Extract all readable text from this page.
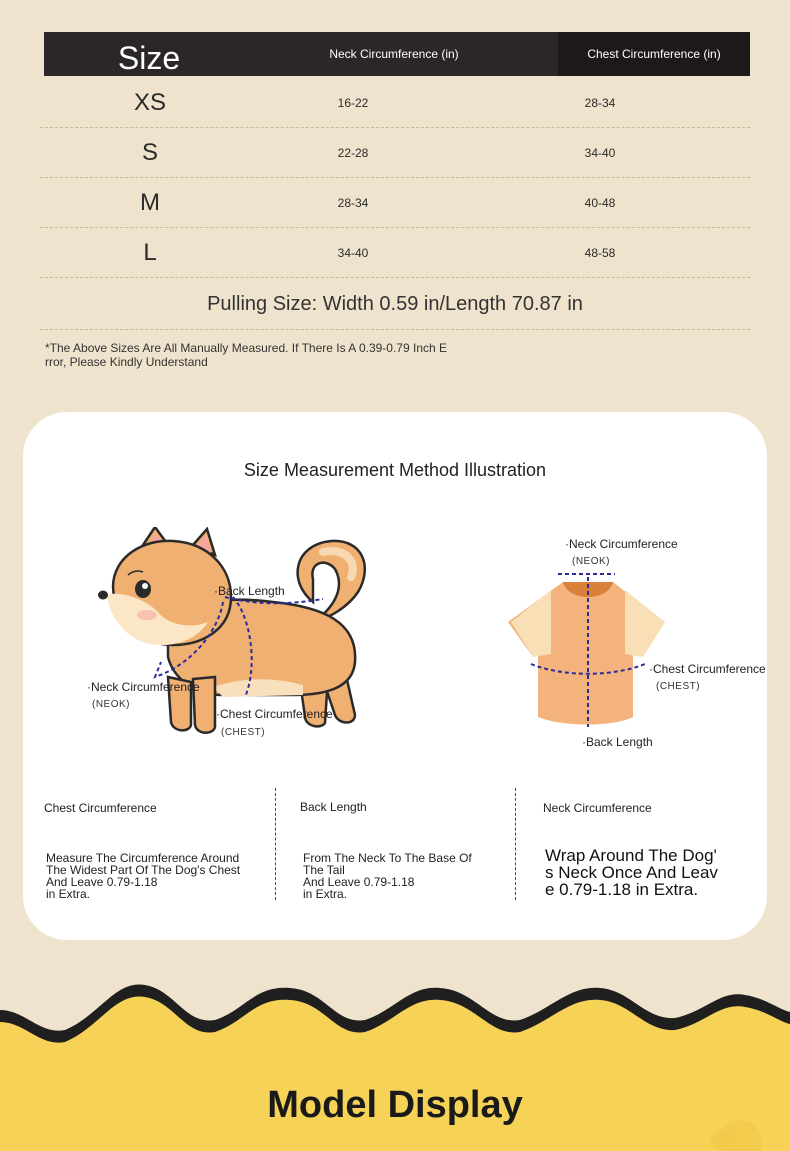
Size	Neck Circumference (in)	Chest Circumference (in)
XS	16-22	28-34
S	22-28	34-40
M	28-34	40-48
L	34-40	48-58
Pulling Size: Width 0.59 in/Length 70.87 in
*The Above Sizes Are All Manually Measured. If There Is A 0.39-0.79 Inch E
rror, Please Kindly Understand
Size Measurement Method Illustration
·Back Length
·Neck Circumference
(NEOK)
·Chest Circumference
(CHEST)
·Neck Circumference
(NEOK)
·Chest Circumference
(CHEST)
·Back Length
Chest Circumference
Measure The Circumference Around
The Widest Part Of The Dog's Chest
And Leave 0.79-1.18
in Extra.
Back Length
From The Neck To The Base Of
The Tail
And Leave 0.79-1.18
in Extra.
Neck Circumference
Wrap Around The Dog'
s Neck Once And Leav
e 0.79-1.18 in Extra.
Model Display
